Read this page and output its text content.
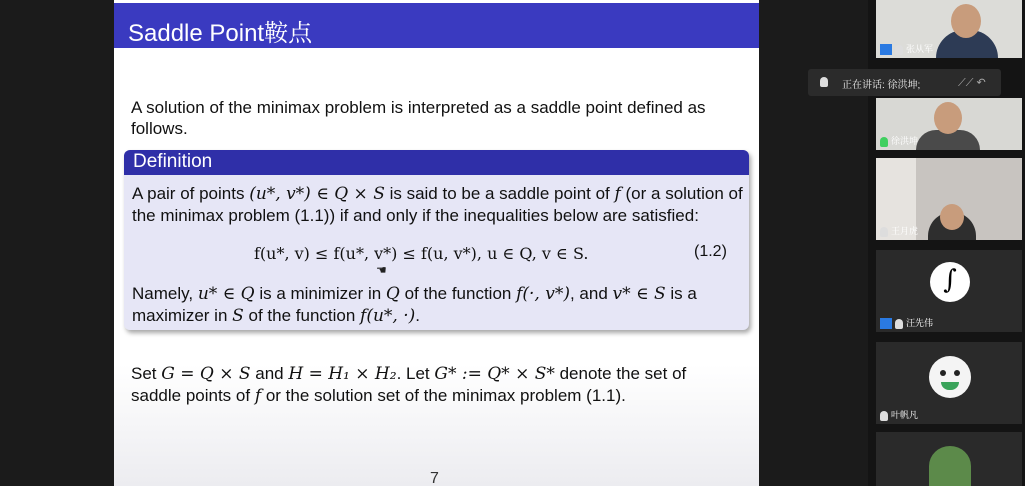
Saddle Point鞍点
A solution of the minimax problem is interpreted as a saddle point defined as follows.
Definition
A pair of points (u*, v*) ∈ Q × S is said to be a saddle point of f (or a solution of the minimax problem (1.1)) if and only if the inequalities below are satisfied:
f(u*, v) ≤ f(u*, v*) ≤ f(u, v*), u ∈ Q, v ∈ S.	(1.2)
Namely, u* ∈ Q is a minimizer in Q of the function f(·, v*), and v* ∈ S is a maximizer in S of the function f(u*, ·).
☚
Set G = Q × S and H = H₁ × H₂. Let G* := Q* × S* denote the set of saddle points of f or the solution set of the minimax problem (1.1).
7
张从军
徐洪坤
王月虎
∫
汪先伟
叶帆凡
正在讲话: 徐洪坤;	⟋⟋ ↶
